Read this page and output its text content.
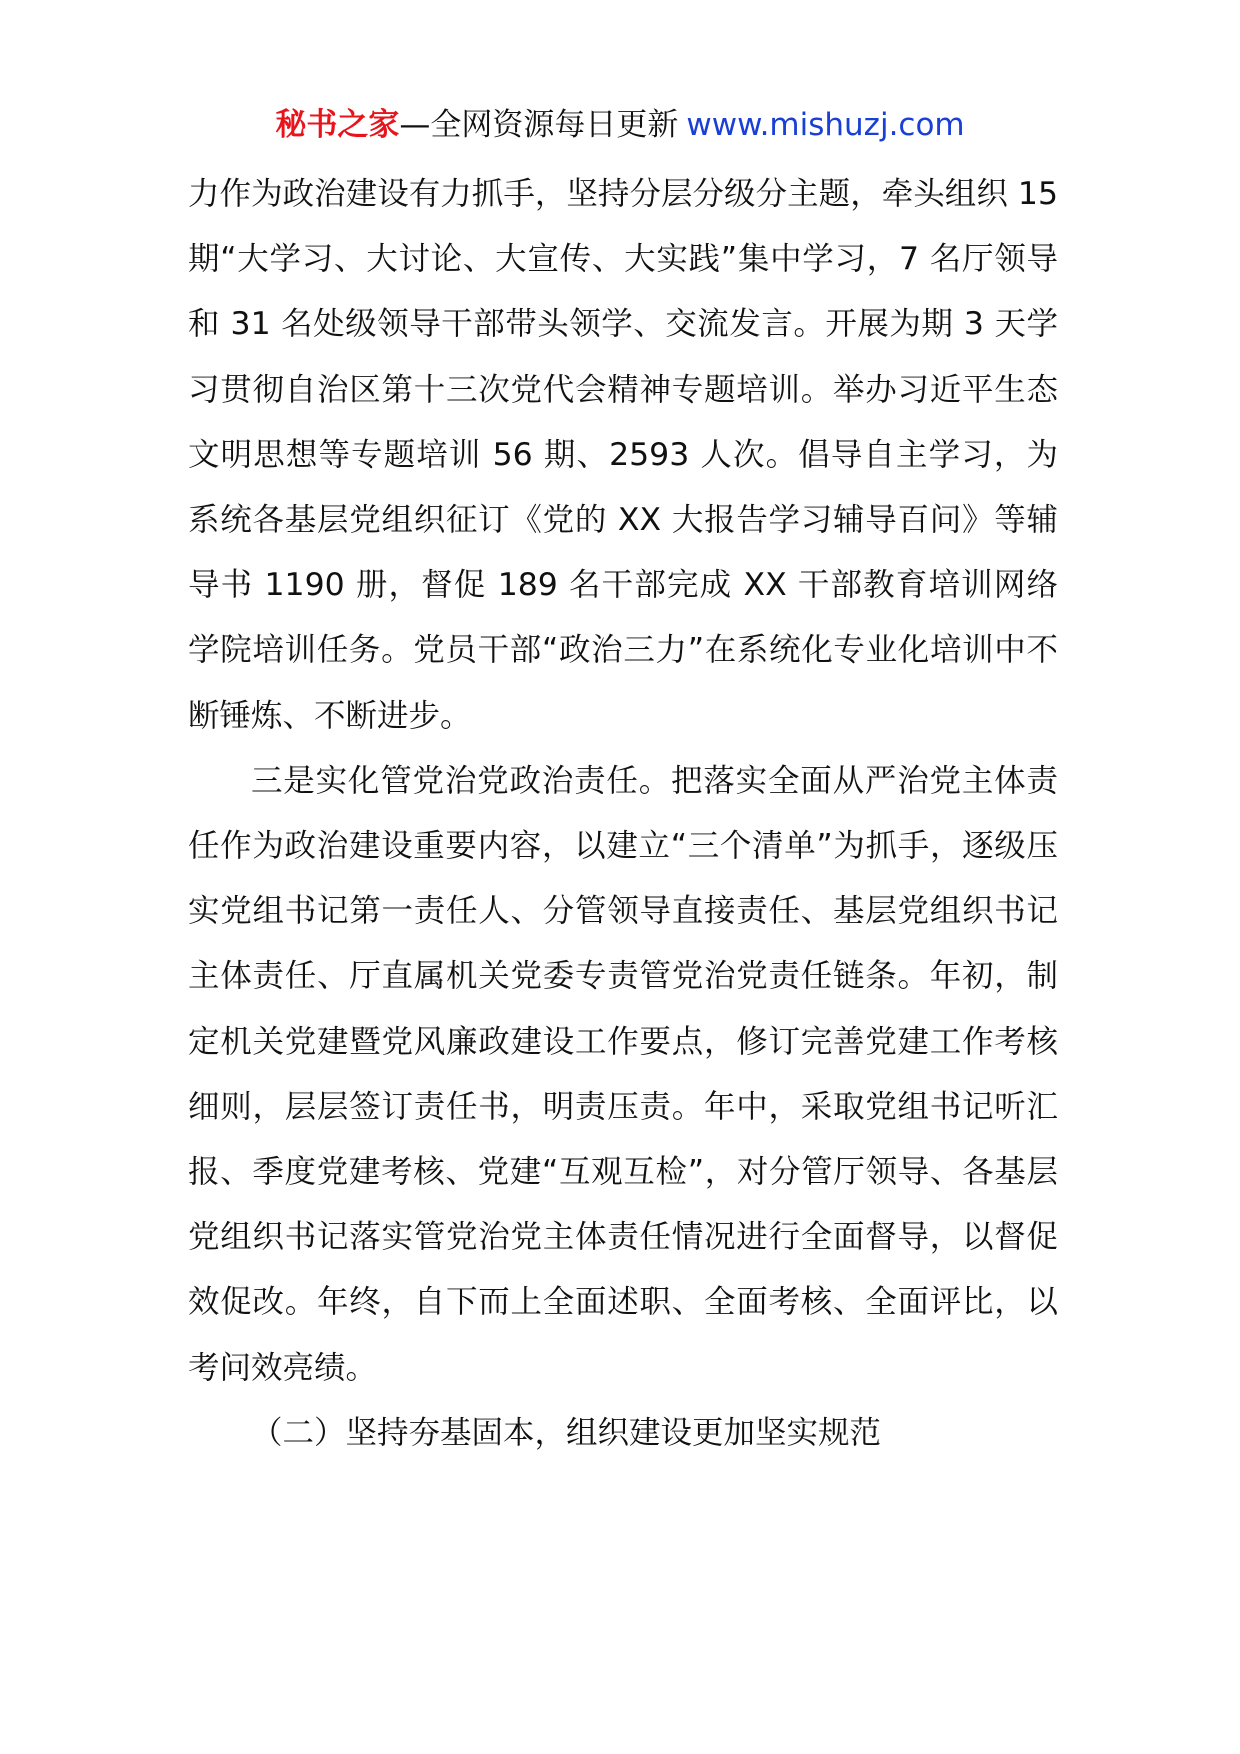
秘书之家—全网资源每日更新 www.mishuzj.com

力作为政治建设有力抓手，坚持分层分级分主题，牵头组织 15 期“大学习、大讨论、大宣传、大实践”集中学习，7 名厅领导和 31 名处级领导干部带头领学、交流发言。开展为期 3 天学习贯彻自治区第十三次党代会精神专题培训。举办习近平生态文明思想等专题培训 56 期、2593 人次。倡导自主学习，为系统各基层党组织征订《党的 XX 大报告学习辅导百问》等辅导书 1190 册，督促 189 名干部完成 XX 干部教育培训网络学院培训任务。党员干部“政治三力”在系统化专业化培训中不断锤炼、不断进步。

三是实化管党治党政治责任。把落实全面从严治党主体责任作为政治建设重要内容，以建立“三个清单”为抓手，逐级压实党组书记第一责任人、分管领导直接责任、基层党组织书记主体责任、厅直属机关党委专责管党治党责任链条。年初，制定机关党建暨党风廉政建设工作要点，修订完善党建工作考核细则，层层签订责任书，明责压责。年中，采取党组书记听汇报、季度党建考核、党建“互观互检”，对分管厅领导、各基层党组织书记落实管党治党主体责任情况进行全面督导，以督促效促改。年终，自下而上全面述职、全面考核、全面评比，以考问效亮绩。

（二）坚持夯基固本，组织建设更加坚实规范
